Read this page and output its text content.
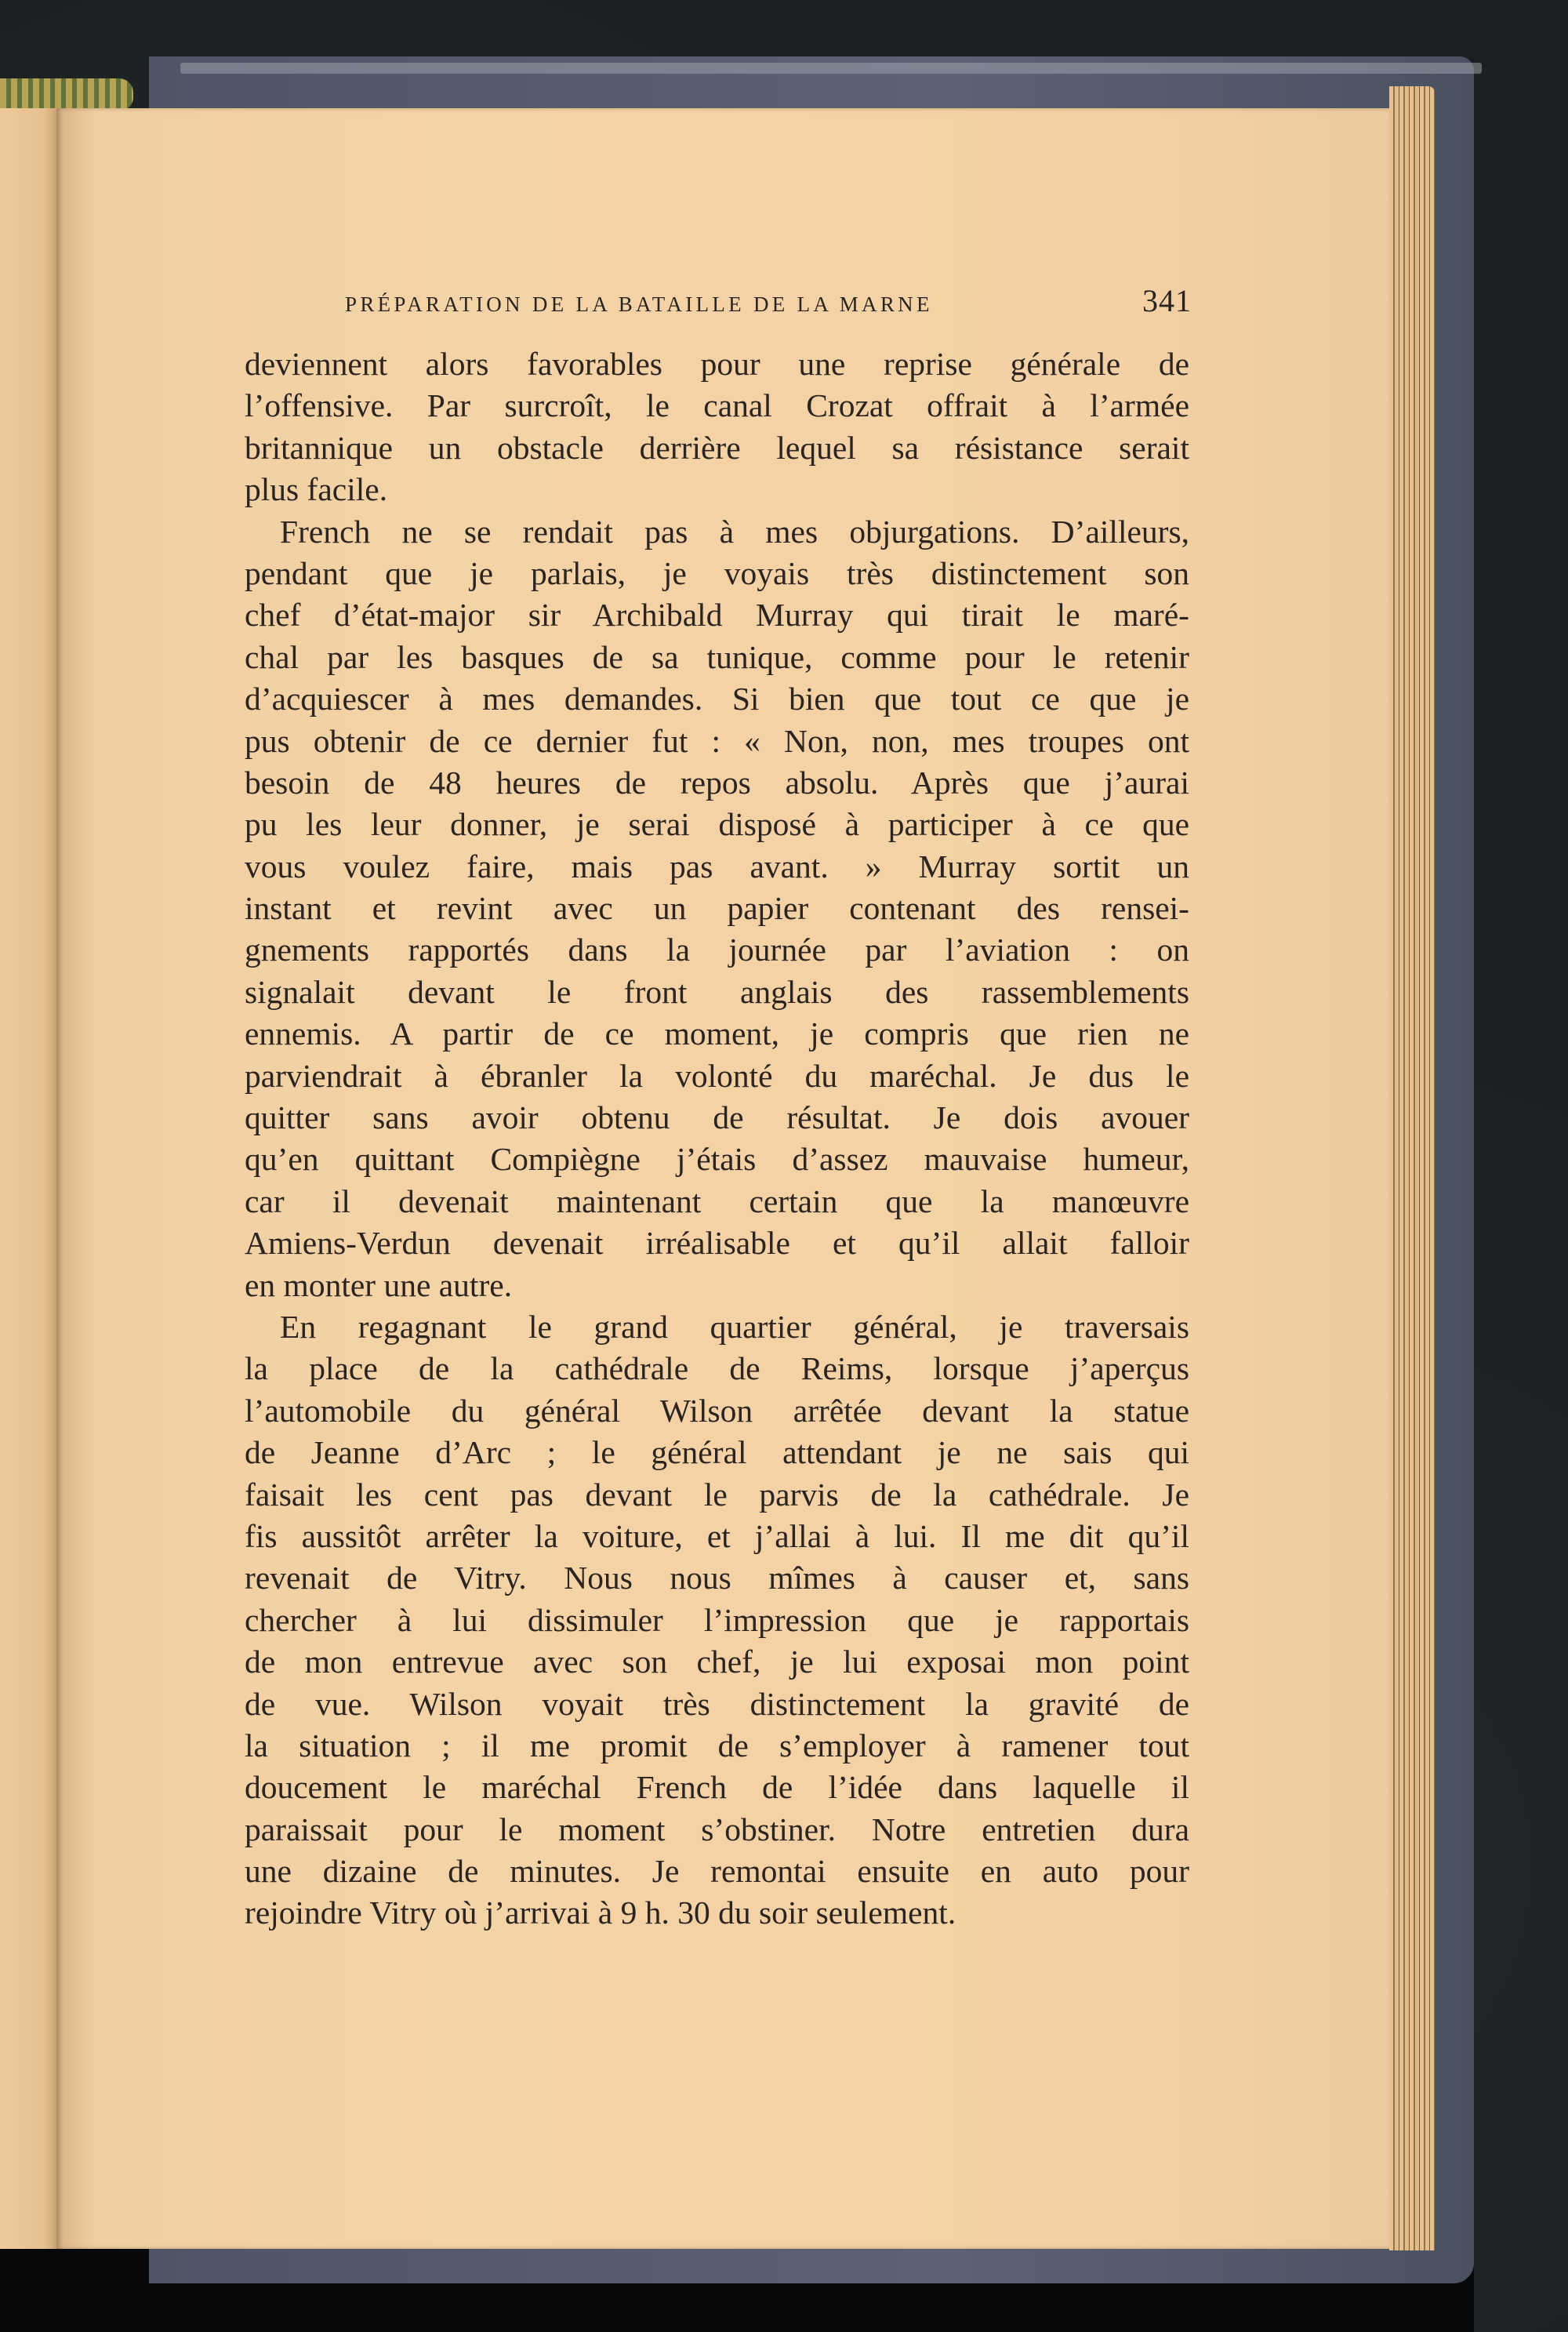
PRÉPARATION DE LA BATAILLE DE LA MARNE	341
deviennent alors favorables pour une reprise générale de
l’offensive. Par surcroît, le canal Crozat offrait à l’armée
britannique un obstacle derrière lequel sa résistance serait
plus facile.
French ne se rendait pas à mes objurgations. D’ailleurs,
pendant que je parlais, je voyais très distinctement son
chef d’état-major sir Archibald Murray qui tirait le maré-
chal par les basques de sa tunique, comme pour le retenir
d’acquiescer à mes demandes. Si bien que tout ce que je
pus obtenir de ce dernier fut : « Non, non, mes troupes ont
besoin de 48 heures de repos absolu. Après que j’aurai
pu les leur donner, je serai disposé à participer à ce que
vous voulez faire, mais pas avant. » Murray sortit un
instant et revint avec un papier contenant des rensei-
gnements rapportés dans la journée par l’aviation : on
signalait devant le front anglais des rassemblements
ennemis. A partir de ce moment, je compris que rien ne
parviendrait à ébranler la volonté du maréchal. Je dus le
quitter sans avoir obtenu de résultat. Je dois avouer
qu’en quittant Compiègne j’étais d’assez mauvaise humeur,
car il devenait maintenant certain que la manœuvre
Amiens-Verdun devenait irréalisable et qu’il allait falloir
en monter une autre.
En regagnant le grand quartier général, je traversais
la place de la cathédrale de Reims, lorsque j’aperçus
l’automobile du général Wilson arrêtée devant la statue
de Jeanne d’Arc ; le général attendant je ne sais qui
faisait les cent pas devant le parvis de la cathédrale. Je
fis aussitôt arrêter la voiture, et j’allai à lui. Il me dit qu’il
revenait de Vitry. Nous nous mîmes à causer et, sans
chercher à lui dissimuler l’impression que je rapportais
de mon entrevue avec son chef, je lui exposai mon point
de vue. Wilson voyait très distinctement la gravité de
la situation ; il me promit de s’employer à ramener tout
doucement le maréchal French de l’idée dans laquelle il
paraissait pour le moment s’obstiner. Notre entretien dura
une dizaine de minutes. Je remontai ensuite en auto pour
rejoindre Vitry où j’arrivai à 9 h. 30 du soir seulement.
